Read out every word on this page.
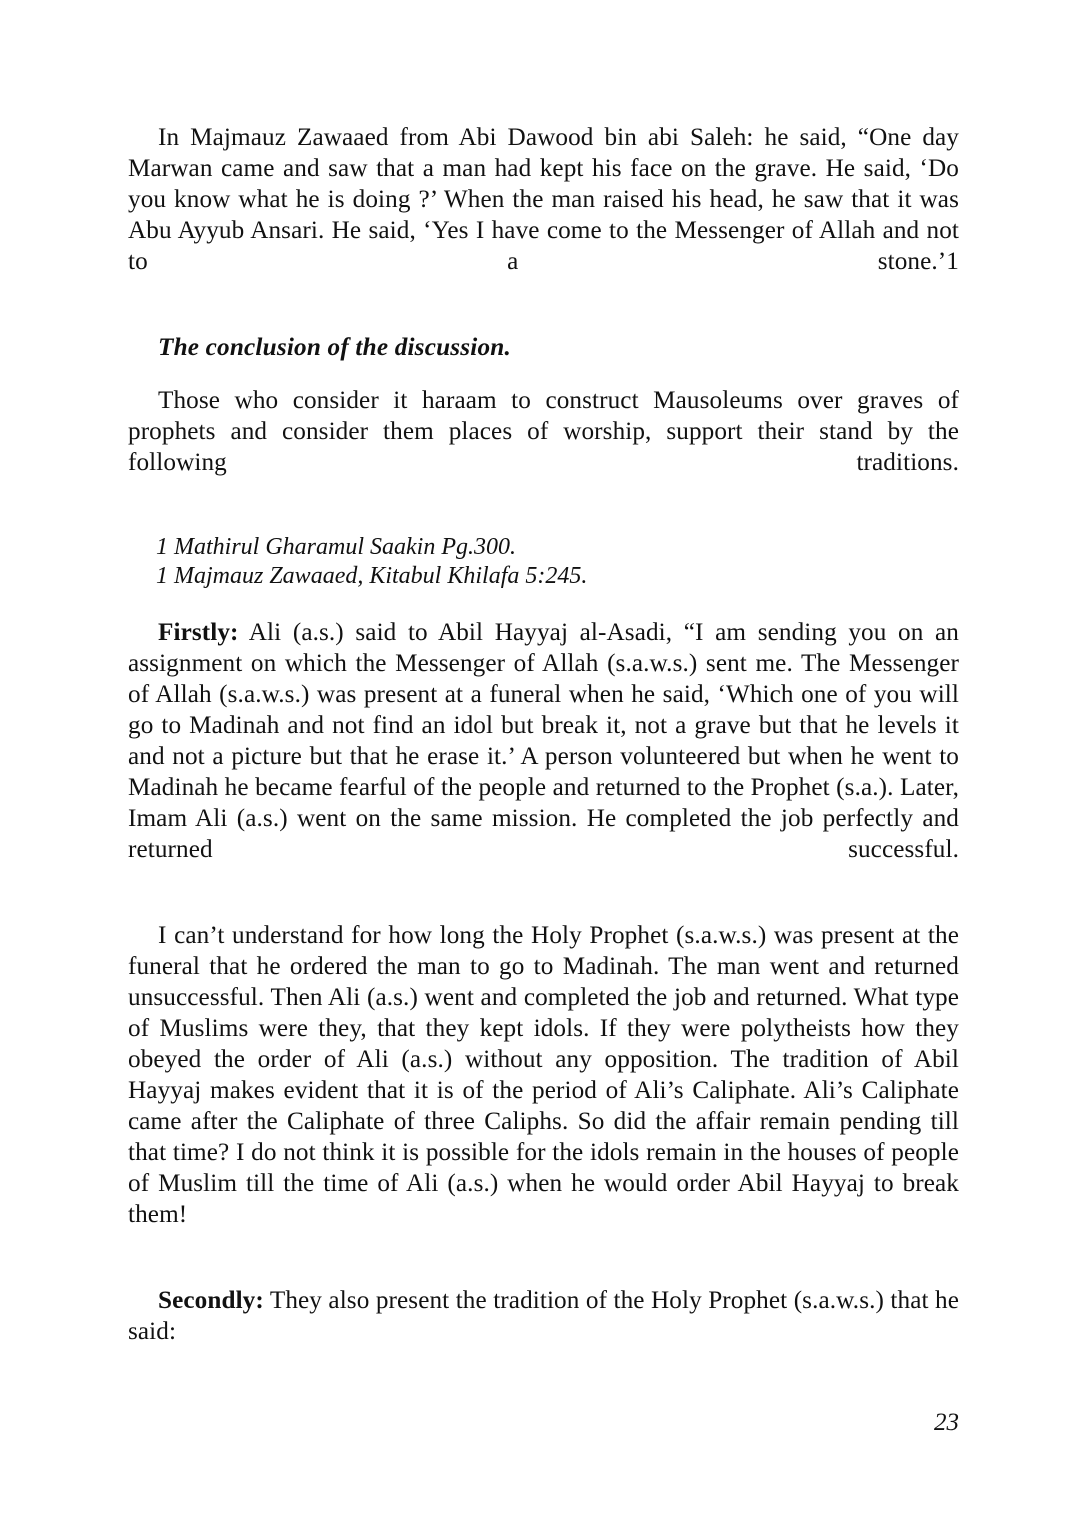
In Majmauz Zawaaed from Abi Dawood bin abi Saleh: he said, “One day Marwan came and saw that a man had kept his face on the grave. He said, ‘Do you know what he is doing ?’ When the man raised his head, he saw that it was Abu Ayyub Ansari. He said, ‘Yes I have come to the Messenger of Allah and not to a stone.’1

The conclusion of the discussion.

Those who consider it haraam to construct Mausoleums over graves of prophets and consider them places of worship, support their stand by the following traditions.

1 Mathirul Gharamul Saakin Pg.300.
1 Majmauz Zawaaed, Kitabul Khilafa 5:245.

Firstly: Ali (a.s.) said to Abil Hayyaj al-Asadi, “I am sending you on an assignment on which the Messenger of Allah (s.a.w.s.) sent me. The Messenger of Allah (s.a.w.s.) was present at a funeral when he said, ‘Which one of you will go to Madinah and not find an idol but break it, not a grave but that he levels it and not a picture but that he erase it.’ A person volunteered but when he went to Madinah he became fearful of the people and returned to the Prophet (s.a.). Later, Imam Ali (a.s.) went on the same mission. He completed the job perfectly and returned successful.

I can’t understand for how long the Holy Prophet (s.a.w.s.) was present at the funeral that he ordered the man to go to Madinah. The man went and returned unsuccessful. Then Ali (a.s.) went and completed the job and returned. What type of Muslims were they, that they kept idols. If they were polytheists how they obeyed the order of Ali (a.s.) without any opposition. The tradition of Abil Hayyaj makes evident that it is of the period of Ali’s Caliphate. Ali’s Caliphate came after the Caliphate of three Caliphs. So did the affair remain pending till that time? I do not think it is possible for the idols remain in the houses of people of Muslim till the time of Ali (a.s.) when he would order Abil Hayyaj to break them!

Secondly: They also present the tradition of the Holy Prophet (s.a.w.s.) that he said:

23
